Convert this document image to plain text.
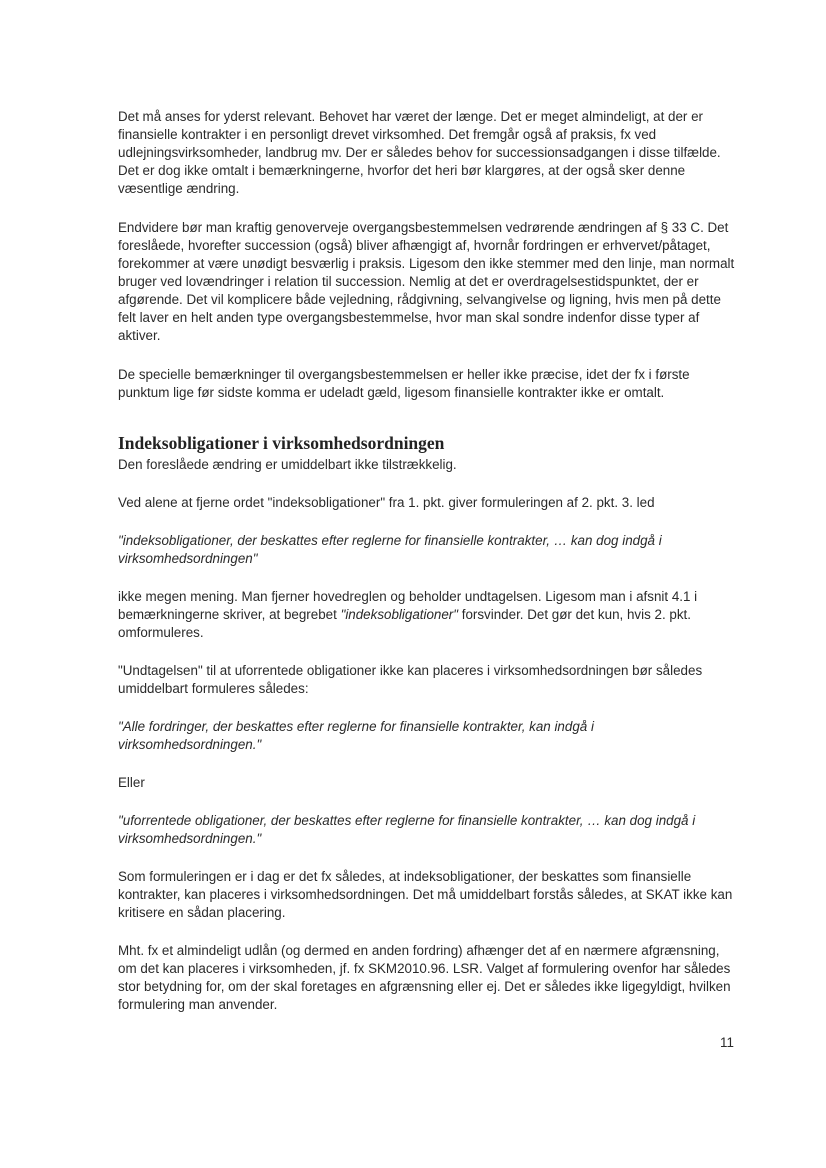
Det må anses for yderst relevant. Behovet har været der længe. Det er meget almindeligt, at der er finansielle kontrakter i en personligt drevet virksomhed. Det fremgår også af praksis, fx ved udlejningsvirksomheder, landbrug mv. Der er således behov for successionsadgangen i disse tilfælde. Det er dog ikke omtalt i bemærkningerne, hvorfor det heri bør klargøres, at der også sker denne væsentlige ændring.

Endvidere bør man kraftig genoverveje overgangsbestemmelsen vedrørende ændringen af § 33 C. Det foreslåede, hvorefter succession (også) bliver afhængigt af, hvornår fordringen er erhvervet/påtaget, forekommer at være unødigt besværlig i praksis. Ligesom den ikke stemmer med den linje, man normalt bruger ved lovændringer i relation til succession. Nemlig at det er overdragelsestidspunktet, der er afgørende. Det vil komplicere både vejledning, rådgivning, selvangivelse og ligning, hvis men på dette felt laver en helt anden type overgangsbestemmelse, hvor man skal sondre indenfor disse typer af aktiver.

De specielle bemærkninger til overgangsbestemmelsen er heller ikke præcise, idet der fx i første punktum lige før sidste komma er udeladt gæld, ligesom finansielle kontrakter ikke er omtalt.

Indeksobligationer i virksomhedsordningen

Den foreslåede ændring er umiddelbart ikke tilstrækkelig.

Ved alene at fjerne ordet "indeksobligationer" fra 1. pkt. giver formuleringen af 2. pkt. 3. led

"indeksobligationer, der beskattes efter reglerne for finansielle kontrakter, … kan dog indgå i virksomhedsordningen"

ikke megen mening. Man fjerner hovedreglen og beholder undtagelsen. Ligesom man i afsnit 4.1 i bemærkningerne skriver, at begrebet "indeksobligationer" forsvinder. Det gør det kun, hvis 2. pkt. omformuleres.

"Undtagelsen" til at uforrentede obligationer ikke kan placeres i virksomhedsordningen bør således umiddelbart formuleres således:

"Alle fordringer, der beskattes efter reglerne for finansielle kontrakter, kan indgå i virksomhedsordningen."

Eller

"uforrentede obligationer, der beskattes efter reglerne for finansielle kontrakter, … kan dog indgå i virksomhedsordningen."

Som formuleringen er i dag er det fx således, at indeksobligationer, der beskattes som finansielle kontrakter, kan placeres i virksomhedsordningen. Det må umiddelbart forstås således, at SKAT ikke kan kritisere en sådan placering.

Mht. fx et almindeligt udlån (og dermed en anden fordring) afhænger det af en nærmere afgrænsning, om det kan placeres i virksomheden, jf. fx SKM2010.96. LSR. Valget af formulering ovenfor har således stor betydning for, om der skal foretages en afgrænsning eller ej. Det er således ikke ligegyldigt, hvilken formulering man anvender.

11
